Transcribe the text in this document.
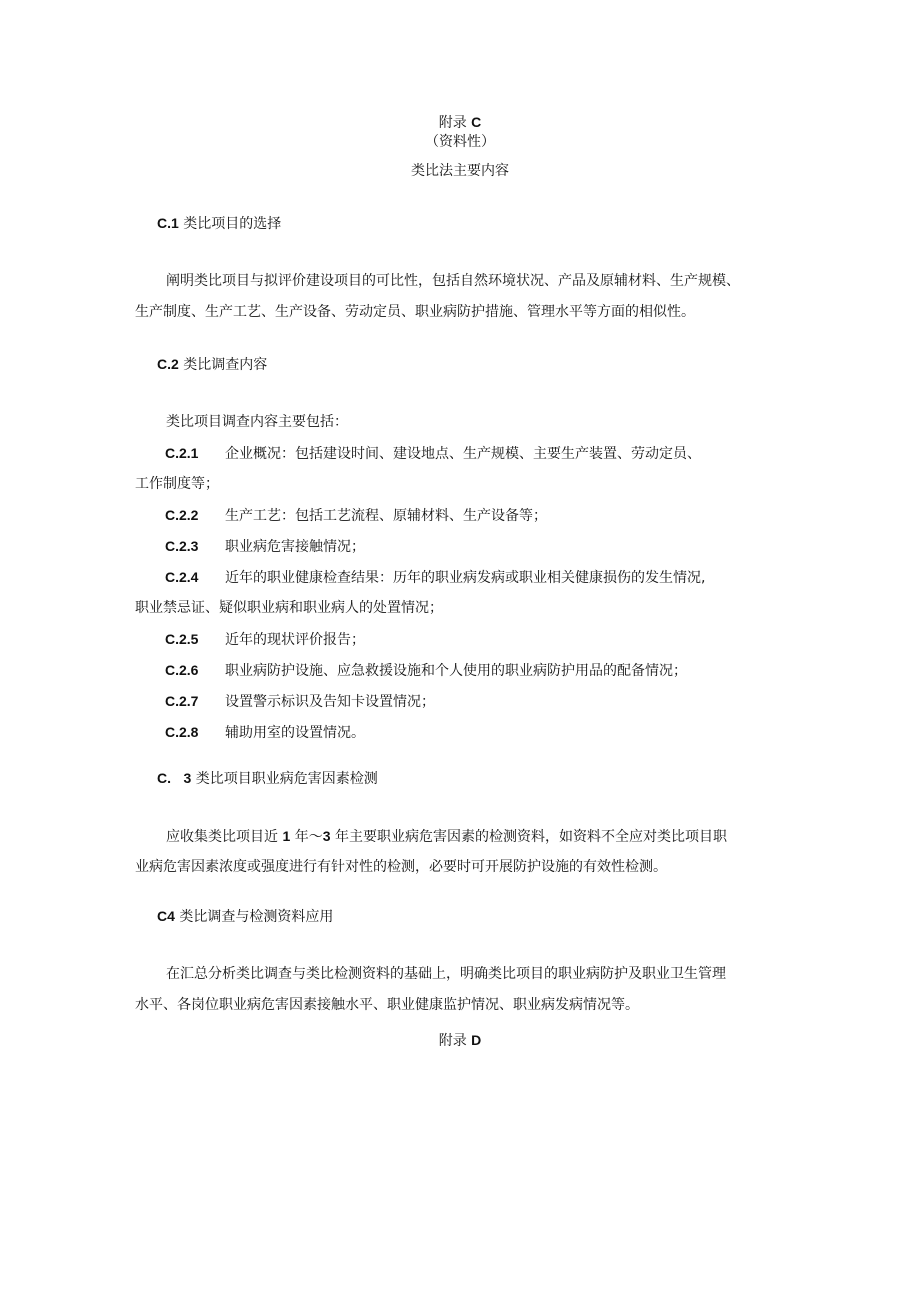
附录 C
（资料性）
类比法主要内容
C.1 类比项目的选择
阐明类比项目与拟评价建设项目的可比性，包括自然环境状况、产品及原辅材料、生产规模、
生产制度、生产工艺、生产设备、劳动定员、职业病防护措施、管理水平等方面的相似性。
C.2 类比调查内容
类比项目调查内容主要包括：
C.2.1 企业概况：包括建设时间、建设地点、生产规模、主要生产装置、劳动定员、
工作制度等；
C.2.2 生产工艺：包括工艺流程、原辅材料、生产设备等；
C.2.3 职业病危害接触情况；
C.2.4 近年的职业健康检查结果：历年的职业病发病或职业相关健康损伤的发生情况,
职业禁忌证、疑似职业病和职业病人的处置情况；
C.2.5 近年的现状评价报告；
C.2.6 职业病防护设施、应急救援设施和个人使用的职业病防护用品的配备情况；
C.2.7 设置警示标识及告知卡设置情况；
C.2.8 辅助用室的设置情况。
C. 3 类比项目职业病危害因素检测
应收集类比项目近 1 年～3 年主要职业病危害因素的检测资料，如资料不全应对类比项目职
业病危害因素浓度或强度进行有针对性的检测，必要时可开展防护设施的有效性检测。
C4 类比调查与检测资料应用
在汇总分析类比调查与类比检测资料的基础上，明确类比项目的职业病防护及职业卫生管理
水平、各岗位职业病危害因素接触水平、职业健康监护情况、职业病发病情况等。
附录 D
